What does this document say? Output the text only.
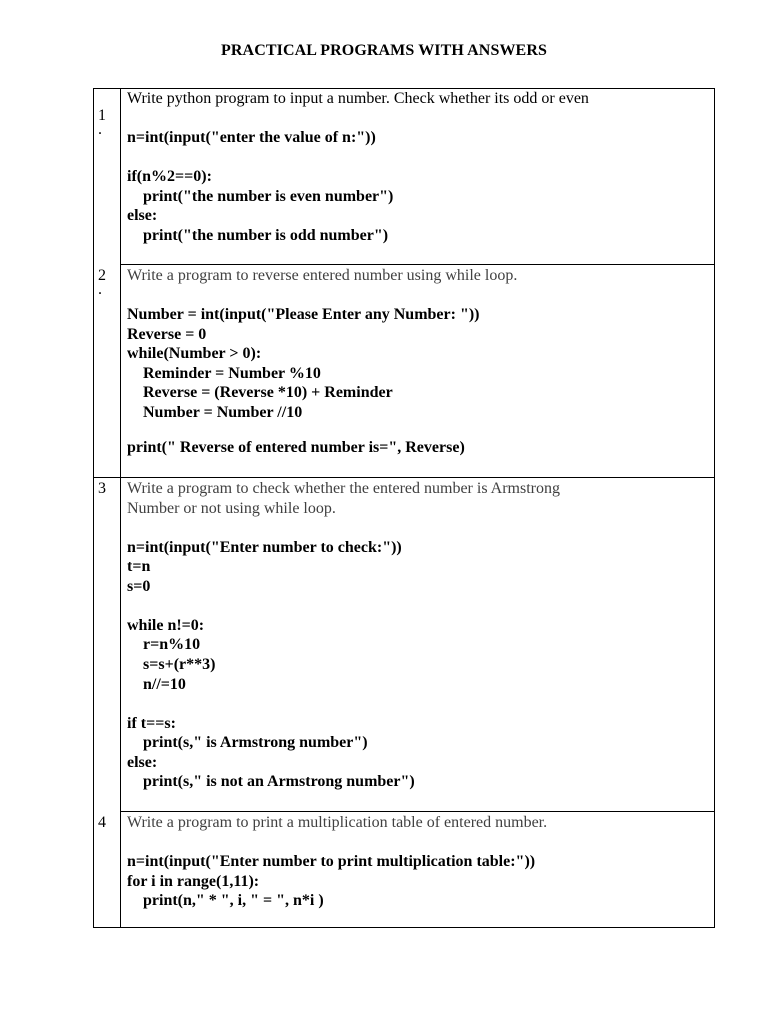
PRACTICAL PROGRAMS WITH ANSWERS
1
.
Write python program to input a number. Check whether its odd or even
n=int(input("enter the value of n:"))
if(n%2==0):
print("the number is even number")
else:
print("the number is odd number")
2
.
Write a program to reverse entered number using while loop.
Number = int(input("Please Enter any Number: "))
Reverse = 0
while(Number > 0):
Reminder = Number %10
Reverse = (Reverse *10) + Reminder
Number = Number //10
print(" Reverse of entered number is=", Reverse)
3	Write a program to check whether the entered number is Armstrong
Number or not using while loop.
n=int(input("Enter number to check:"))
t=n
s=0
while n!=0:
r=n%10
s=s+(r**3)
n//=10
if t==s:
print(s," is Armstrong number")
else:
print(s," is not an Armstrong number")
4	Write a program to print a multiplication table of entered number.
n=int(input("Enter number to print multiplication table:"))
for i in range(1,11):
print(n," * ", i, " = ", n*i )
